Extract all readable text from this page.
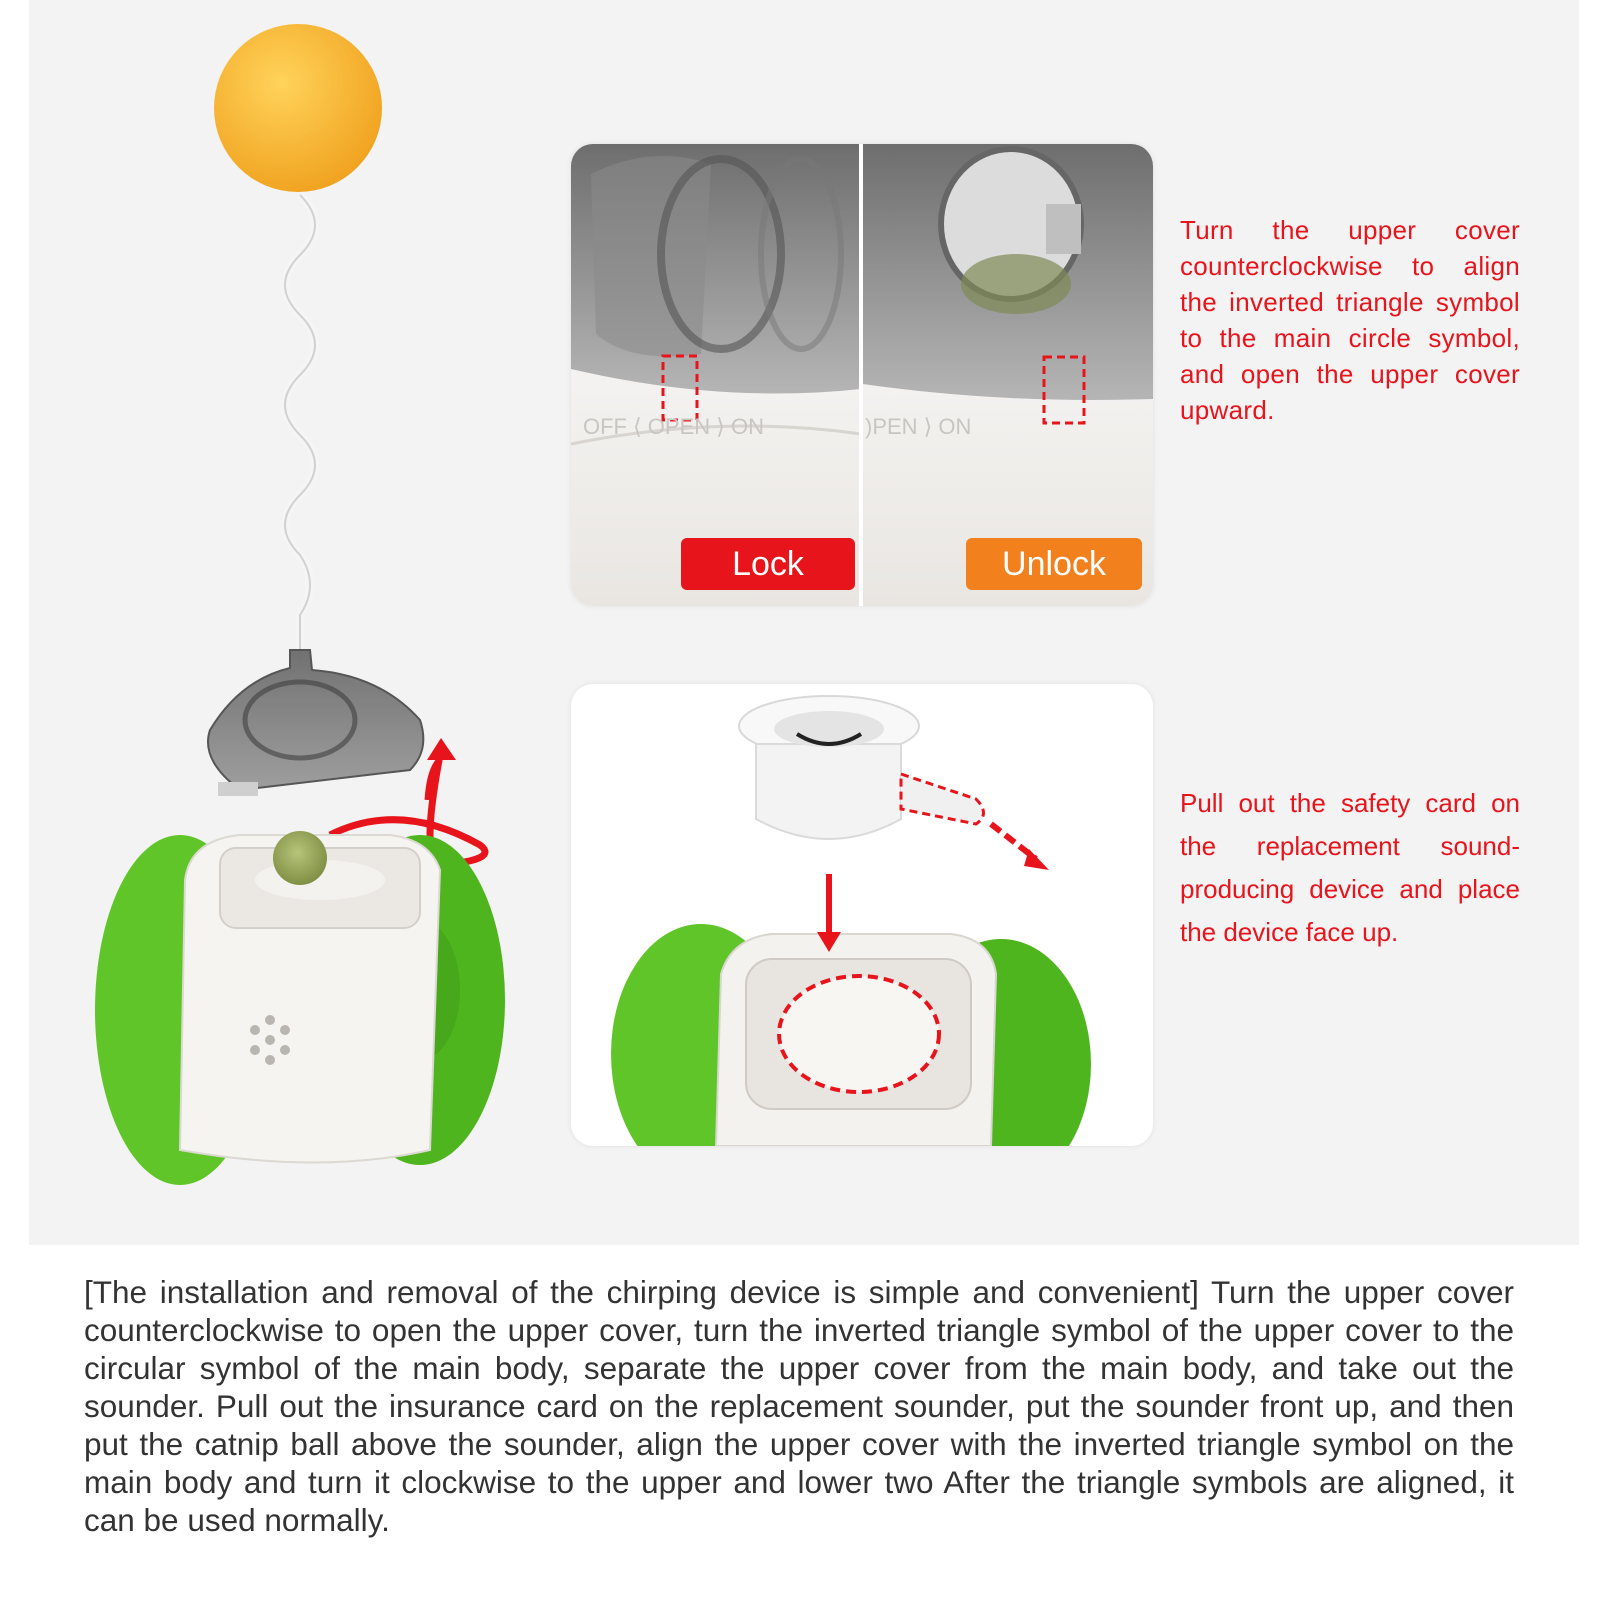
OFF ⟨ OPEN ⟩ ON	)PEN ⟩ ON
Lock	Unlock
Turn the upper cover counterclockwise to align the inverted triangle symbol to the main circle symbol, and open the upper cover upward.
Pull out the safety card on the replacement sound-producing device and place the device face up.
[The installation and removal of the chirping device is simple and convenient] Turn the upper cover counterclockwise to open the upper cover, turn the inverted triangle symbol of the upper cover to the circular symbol of the main body, separate the upper cover from the main body, and take out the sounder. Pull out the insurance card on the replacement sounder, put the sounder front up, and then put the catnip ball above the sounder, align the upper cover with the inverted triangle symbol on the main body and turn it clockwise to the upper and lower two After the triangle symbols are aligned, it can be used normally.
